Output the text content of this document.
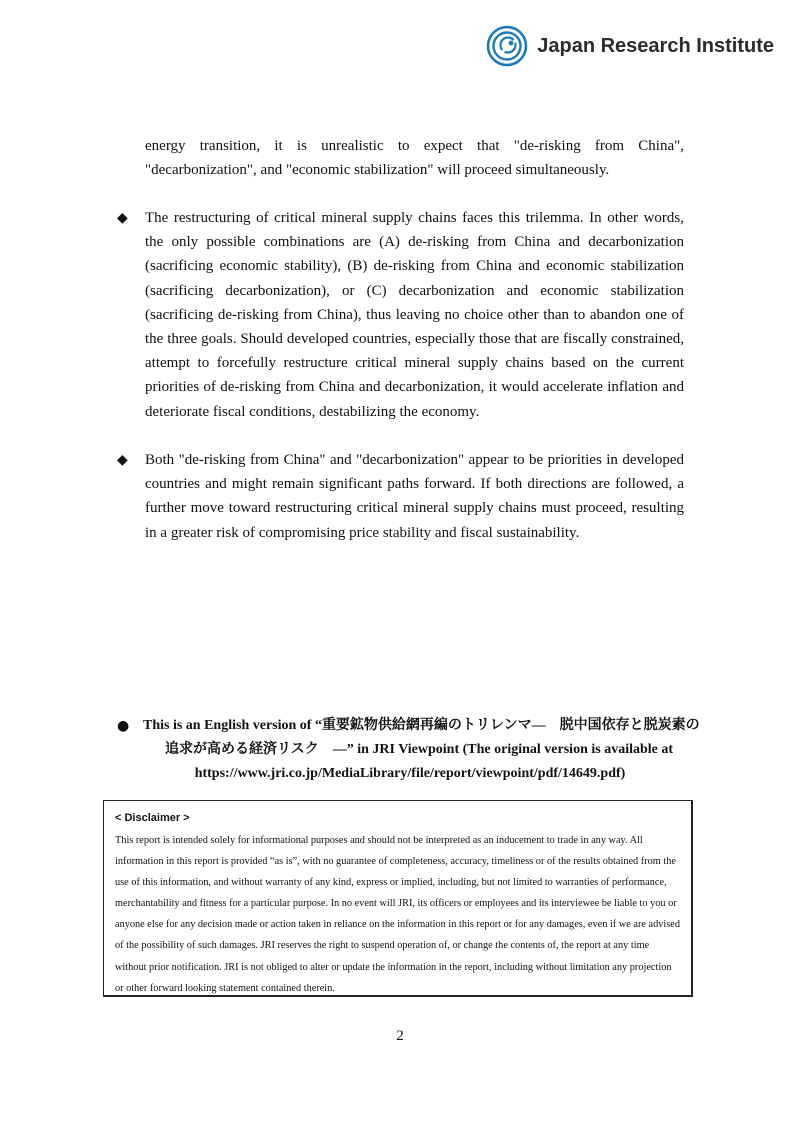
Japan Research Institute
energy transition, it is unrealistic to expect that "de-risking from China", "decarbonization", and "economic stabilization" will proceed simultaneously.
◆ The restructuring of critical mineral supply chains faces this trilemma. In other words, the only possible combinations are (A) de-risking from China and decarbonization (sacrificing economic stability), (B) de-risking from China and economic stabilization (sacrificing decarbonization), or (C) decarbonization and economic stabilization (sacrificing de-risking from China), thus leaving no choice other than to abandon one of the three goals. Should developed countries, especially those that are fiscally constrained, attempt to forcefully restructure critical mineral supply chains based on the current priorities of de-risking from China and decarbonization, it would accelerate inflation and deteriorate fiscal conditions, destabilizing the economy.
◆ Both "de-risking from China" and "decarbonization" appear to be priorities in developed countries and might remain significant paths forward. If both directions are followed, a further move toward restructuring critical mineral supply chains must proceed, resulting in a greater risk of compromising price stability and fiscal sustainability.
● This is an English version of “重要鉱物供給網再編のトリレンマ―　脱中国依存と脱炭素の
追求が高める経済リスク　―” in JRI Viewpoint (The original version is available at
https://www.jri.co.jp/MediaLibrary/file/report/viewpoint/pdf/14649.pdf)
< Disclaimer >
This report is intended solely for informational purposes and should not be interpreted as an inducement to trade in any way. All information in this report is provided “as is”, with no guarantee of completeness, accuracy, timeliness or of the results obtained from the use of this information, and without warranty of any kind, express or implied, including, but not limited to warranties of performance, merchantability and fitness for a particular purpose. In no event will JRI, its officers or employees and its interviewee be liable to you or anyone else for any decision made or action taken in reliance on the information in this report or for any damages, even if we are advised of the possibility of such damages. JRI reserves the right to suspend operation of, or change the contents of, the report at any time without prior notification. JRI is not obliged to alter or update the information in the report, including without limitation any projection or other forward looking statement contained therein.
2
